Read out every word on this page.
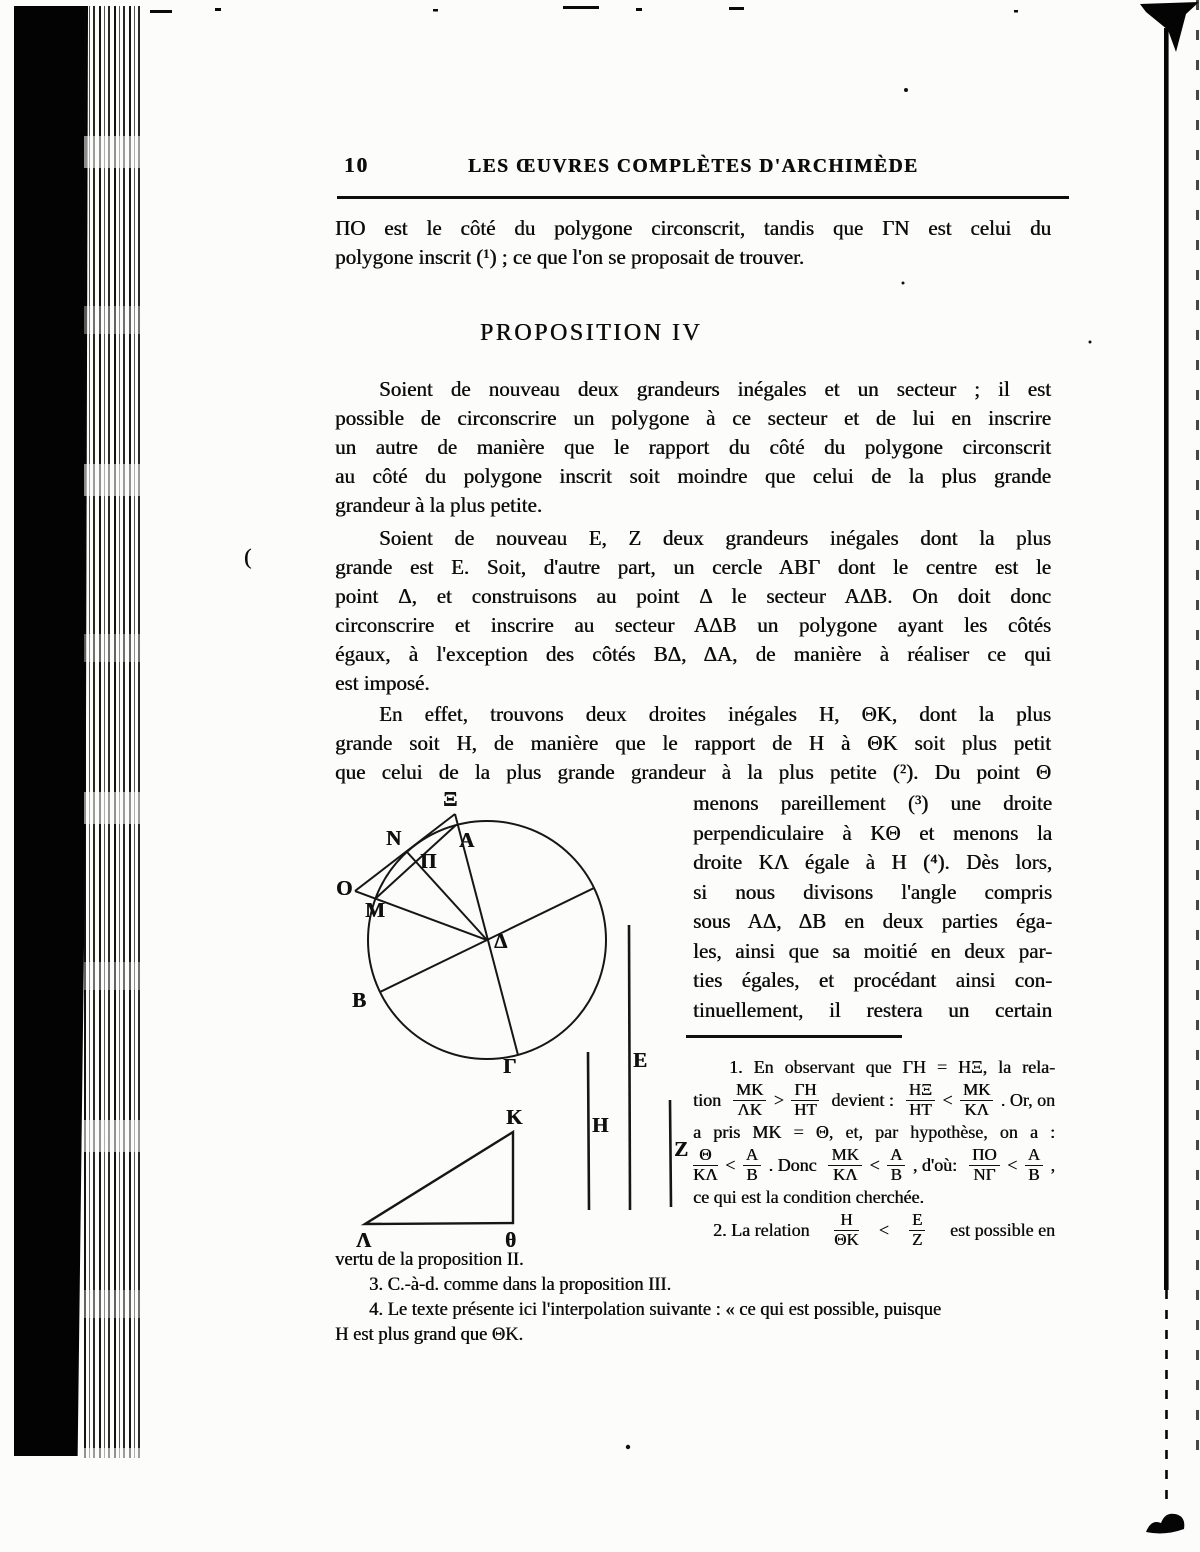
10	LES ŒUVRES COMPLÈTES D'ARCHIMÈDE
ΠΟ est le côté du polygone circonscrit, tandis que ΓN est celui du
polygone inscrit (¹) ; ce que l'on se proposait de trouver.
PROPOSITION IV
Soient de nouveau deux grandeurs inégales et un secteur ; il est
possible de circonscrire un polygone à ce secteur et de lui en inscrire
un autre de manière que le rapport du côté du polygone circonscrit
au côté du polygone inscrit soit moindre que celui de la plus grande
grandeur à la plus petite.
Soient de nouveau E, Z deux grandeurs inégales dont la plus
grande est E. Soit, d'autre part, un cercle ABΓ dont le centre est le
point Δ, et construisons au point Δ le secteur AΔB. On doit donc
circonscrire et inscrire au secteur AΔB un polygone ayant les côtés
égaux, à l'exception des côtés BΔ, ΔA, de manière à réaliser ce qui
est imposé.
En effet, trouvons deux droites inégales H, ΘK, dont la plus
grande soit H, de manière que le rapport de H à ΘK soit plus petit
que celui de la plus grande grandeur à la plus petite (²). Du point Θ
menons pareillement (³) une droite
perpendiculaire à KΘ et menons la
droite KΛ égale à H (⁴). Dès lors,
si nous divisons l'angle compris
sous AΔ, ΔB en deux parties éga-
les, ainsi que sa moitié en deux par-
ties égales, et procédant ainsi con-
tinuellement, il restera un certain
Ξ
A
N
Π
O
M
Δ
B
Γ	E
H
Z
K
Λ	θ
1. En observant que ΓH = HΞ, la rela-
tion $\frac{MK}{\Lambda K} > \frac{\Gamma H}{HT}$ devient : $\frac{H\Xi}{HT} < \frac{MK}{K\Lambda}$ . Or, on
a pris MK = Θ, et, par hypothèse, on a :
$\frac{\Theta}{K\Lambda} < \frac{A}{B}$ . Donc $\frac{MK}{K\Lambda} < \frac{A}{B}$ , d'où: $\frac{\Pi O}{N\Gamma} < \frac{A}{B}$ ,
ce qui est la condition cherchée.
2. La relation $\frac{H}{\Theta K} < \frac{E}{Z}$ est possible en
vertu de la proposition II.
3. C.-à-d. comme dans la proposition III.
4. Le texte présente ici l'interpolation suivante : « ce qui est possible, puisque
H est plus grand que ΘK.
(
